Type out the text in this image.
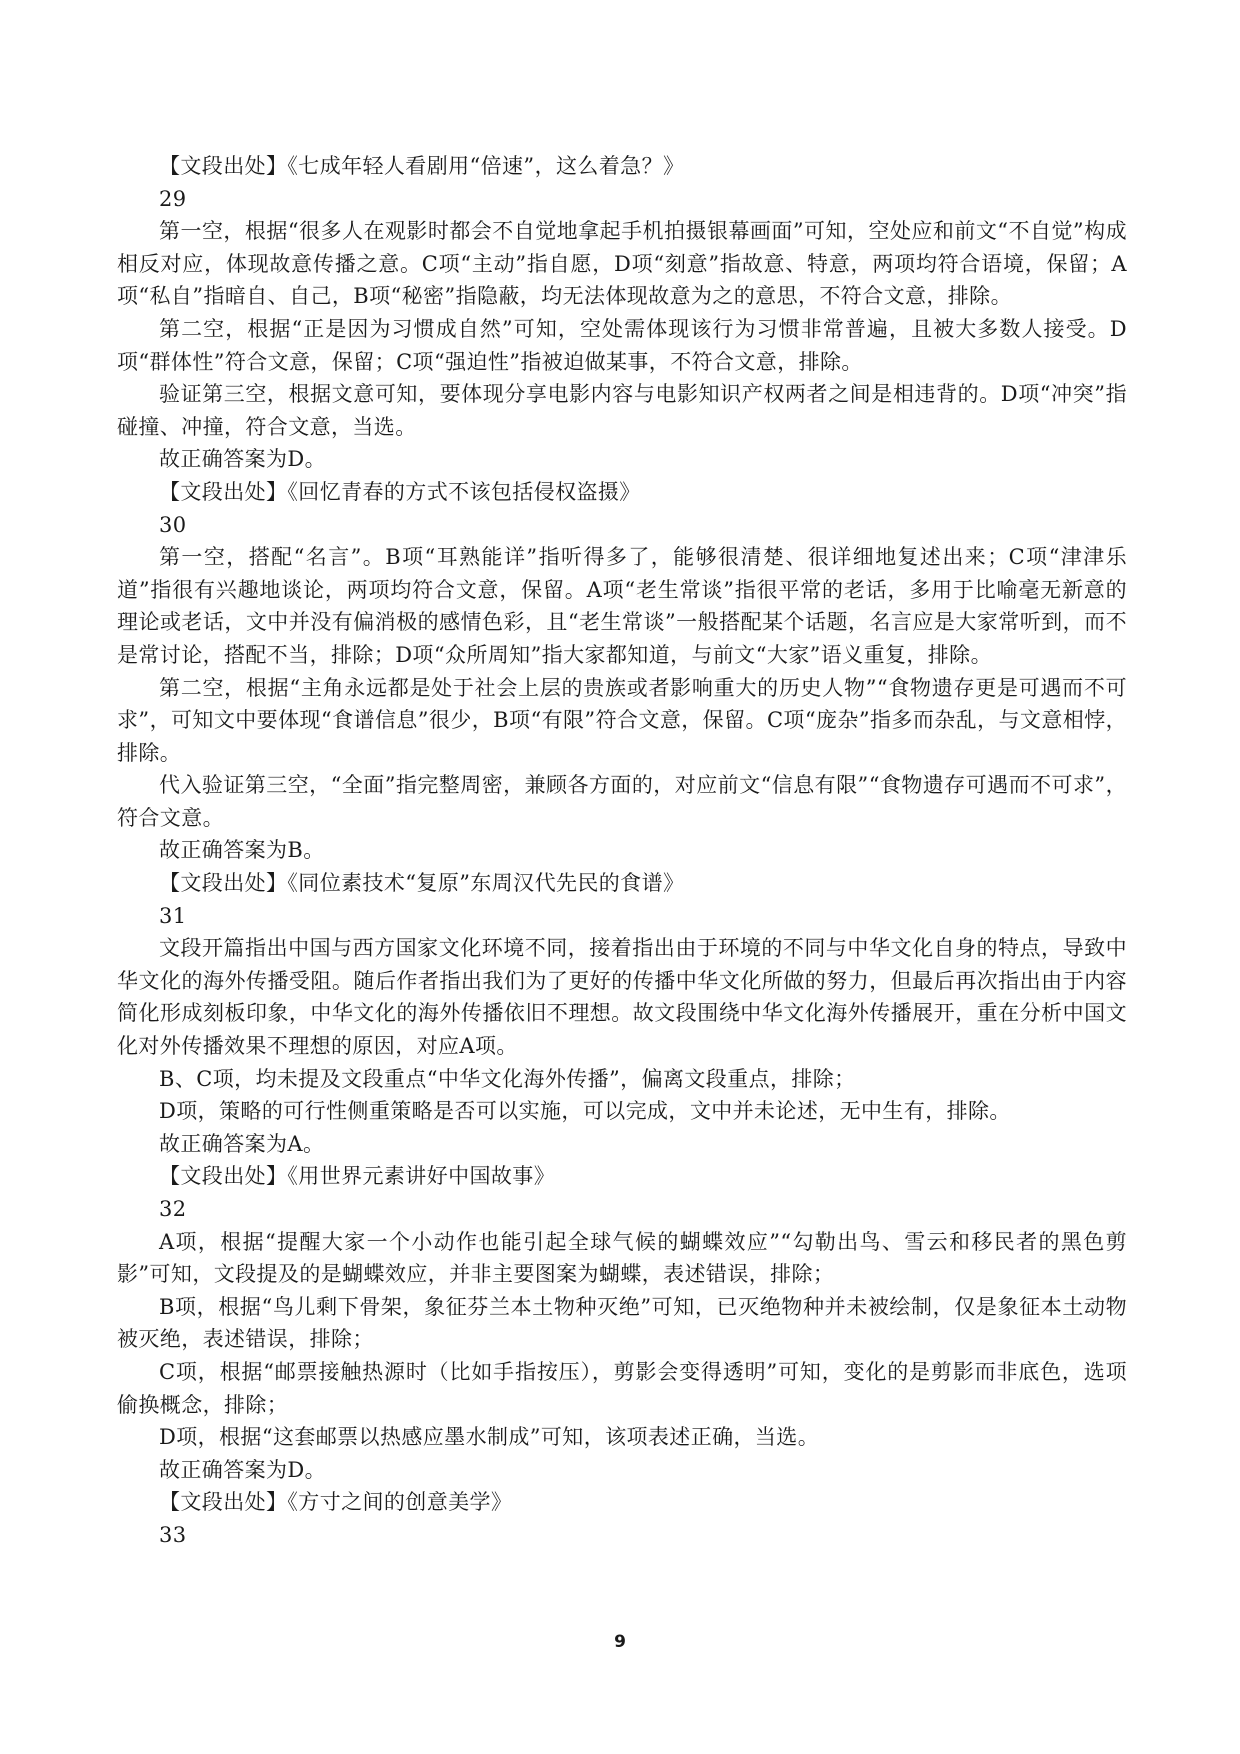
【文段出处】《七成年轻人看剧用“倍速”，这么着急？》

29

第一空，根据“很多人在观影时都会不自觉地拿起手机拍摄银幕画面”可知，空处应和前文“不自觉”构成相反对应，体现故意传播之意。C项“主动”指自愿，D项“刻意”指故意、特意，两项均符合语境，保留；A项“私自”指暗自、自己，B项“秘密”指隐蔽，均无法体现故意为之的意思，不符合文意，排除。

第二空，根据“正是因为习惯成自然”可知，空处需体现该行为习惯非常普遍，且被大多数人接受。D项“群体性”符合文意，保留；C项“强迫性”指被迫做某事，不符合文意，排除。

验证第三空，根据文意可知，要体现分享电影内容与电影知识产权两者之间是相违背的。D项“冲突”指碰撞、冲撞，符合文意，当选。

故正确答案为D。

【文段出处】《回忆青春的方式不该包括侵权盗摄》

30

第一空，搭配“名言”。B项“耳熟能详”指听得多了，能够很清楚、很详细地复述出来；C项“津津乐道”指很有兴趣地谈论，两项均符合文意，保留。A项“老生常谈”指很平常的老话，多用于比喻毫无新意的理论或老话，文中并没有偏消极的感情色彩，且“老生常谈”一般搭配某个话题，名言应是大家常听到，而不是常讨论，搭配不当，排除；D项“众所周知”指大家都知道，与前文“大家”语义重复，排除。

第二空，根据“主角永远都是处于社会上层的贵族或者影响重大的历史人物”“食物遗存更是可遇而不可求”，可知文中要体现“食谱信息”很少，B项“有限”符合文意，保留。C项“庞杂”指多而杂乱，与文意相悖，排除。

代入验证第三空，“全面”指完整周密，兼顾各方面的，对应前文“信息有限”“食物遗存可遇而不可求”，符合文意。

故正确答案为B。

【文段出处】《同位素技术“复原”东周汉代先民的食谱》

31

文段开篇指出中国与西方国家文化环境不同，接着指出由于环境的不同与中华文化自身的特点，导致中华文化的海外传播受阻。随后作者指出我们为了更好的传播中华文化所做的努力，但最后再次指出由于内容简化形成刻板印象，中华文化的海外传播依旧不理想。故文段围绕中华文化海外传播展开，重在分析中国文化对外传播效果不理想的原因，对应A项。

B、C项，均未提及文段重点“中华文化海外传播”，偏离文段重点，排除；

D项，策略的可行性侧重策略是否可以实施，可以完成，文中并未论述，无中生有，排除。

故正确答案为A。

【文段出处】《用世界元素讲好中国故事》

32

A项，根据“提醒大家一个小动作也能引起全球气候的蝴蝶效应”“勾勒出鸟、雪云和移民者的黑色剪影”可知，文段提及的是蝴蝶效应，并非主要图案为蝴蝶，表述错误，排除；

B项，根据“鸟儿剩下骨架，象征芬兰本土物种灭绝”可知，已灭绝物种并未被绘制，仅是象征本土动物被灭绝，表述错误，排除；

C项，根据“邮票接触热源时（比如手指按压），剪影会变得透明”可知，变化的是剪影而非底色，选项偷换概念，排除；

D项，根据“这套邮票以热感应墨水制成”可知，该项表述正确，当选。

故正确答案为D。

【文段出处】《方寸之间的创意美学》

33

9
